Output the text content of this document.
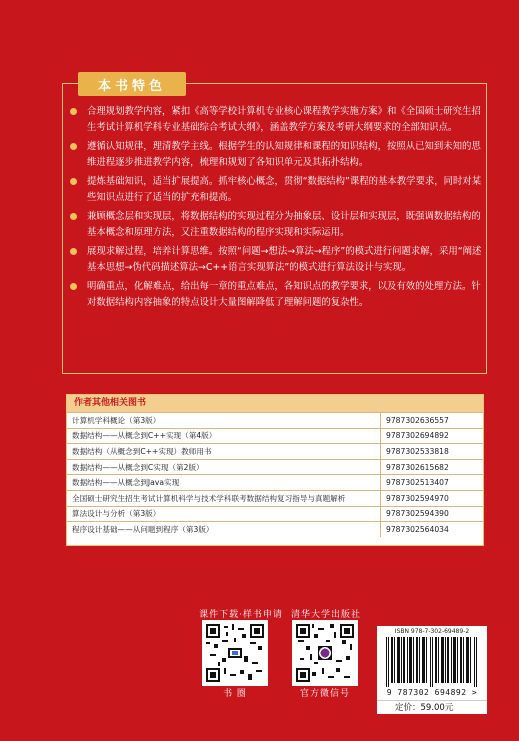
本书特色
合理规划教学内容，紧扣《高等学校计算机专业核心课程教学实施方案》和《全国硕士研究生招生考试计算机学科专业基础综合考试大纲》，涵盖教学方案及考研大纲要求的全部知识点。
遵循认知规律，理清教学主线。根据学生的认知规律和课程的知识结构，按照从已知到未知的思维进程逐步推进教学内容，梳理和规划了各知识单元及其拓扑结构。
提炼基础知识，适当扩展提高。抓牢核心概念，贯彻“数据结构”课程的基本教学要求，同时对某些知识点进行了适当的扩充和提高。
兼顾概念层和实现层，将数据结构的实现过程分为抽象层、设计层和实现层，既强调数据结构的基本概念和原理方法，又注重数据结构的程序实现和实际运用。
展现求解过程，培养计算思维。按照“问题→想法→算法→程序”的模式进行问题求解，采用“阐述基本思想→伪代码描述算法→C++语言实现算法”的模式进行算法设计与实现。
明确重点，化解难点，给出每一章的重点难点，各知识点的教学要求，以及有效的处理方法。针对数据结构内容抽象的特点设计大量图解降低了理解问题的复杂性。
作者其他相关图书
计算机学科概论（第3版）	9787302636557
数据结构——从概念到C++实现（第4版）	9787302694892
数据结构（从概念到C++实现）教师用书	9787302533818
数据结构——从概念到C实现（第2版）	9787302615682
数据结构——从概念到Java实现	9787302513407
全国硕士研究生招生考试计算机科学与技术学科联考数据结构复习指导与真题解析	9787302594970
算法设计与分析（第3版）	9787302594390
程序设计基础——从问题到程序（第3版）	9787302564034
课件下载·样书申请
书 圈
清华大学出版社
官方微信号
ISBN 978-7-302-69489-2
9 787302 694892 >
定价：59.00元
